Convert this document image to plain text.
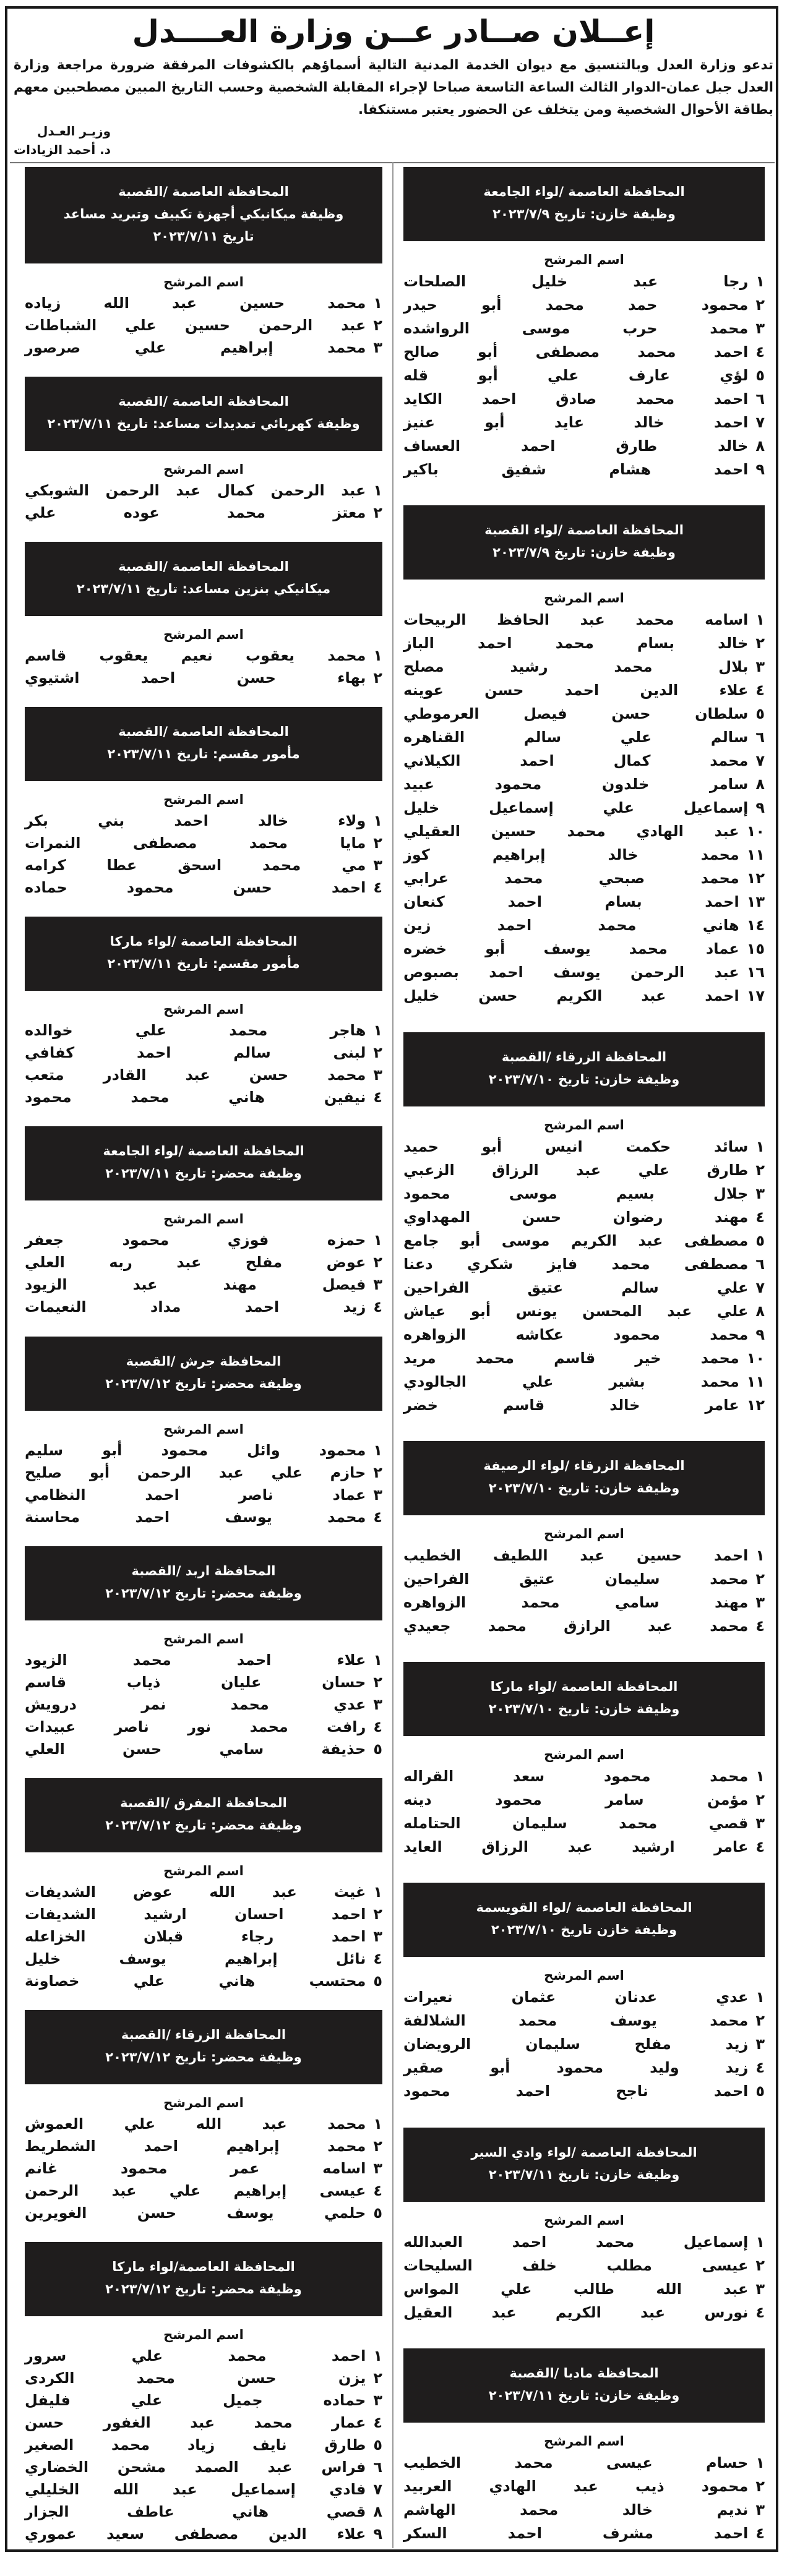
إعــلان صــادر عــن وزارة العــــدل

تدعو وزارة العدل وبالتنسيق مع ديوان الخدمة المدنية التالية أسماؤهم بالكشوفات المرفقة ضرورة مراجعة وزارة العدل جبل عمان-الدوار الثالث الساعة التاسعة صباحا لإجراء المقابلة الشخصية وحسب التاريخ المبين مصطحبين معهم بطاقة الأحوال الشخصية ومن يتخلف عن الحضور يعتبر مستنكفا.

وزيـر العـدل
د. أحمد الزيادات
المحافظة العاصمة /لواء الجامعة
وظيفة خازن: تاريخ ٢٠٢٣/٧/٩
اسم المرشح
١
رجا
عبد
خليل
الصلحات
٢
محمود
حمد
محمد
أبو
حيدر
٣
محمد
حرب
موسى
الرواشده
٤
احمد
محمد
مصطفى
أبو
صالح
٥
لؤي
عارف
علي
أبو
قله
٦
احمد
محمد
صادق
احمد
الكايد
٧
احمد
خالد
عايد
أبو
عنيز
٨
خالد
طارق
احمد
العساف
٩
احمد
هشام
شفيق
باكير
المحافظة العاصمة /لواء القصبة
وظيفة خازن: تاريخ ٢٠٢٣/٧/٩
اسم المرشح
١
اسامه
محمد
عبد
الحافظ
الربيحات
٢
خالد
بسام
محمد
احمد
الباز
٣
بلال
محمد
رشيد
مصلح
٤
علاء
الدين
احمد
حسن
عوينه
٥
سلطان
حسن
فيصل
العرموطي
٦
سالم
علي
سالم
القناهره
٧
محمد
كمال
احمد
الكيلاني
٨
سامر
خلدون
محمود
عبيد
٩
إسماعيل
علي
إسماعيل
خليل
١٠
عبد
الهادي
محمد
حسين
العقيلي
١١
محمد
خالد
إبراهيم
كوز
١٢
محمد
صبحي
محمد
عرابي
١٣
احمد
بسام
احمد
كنعان
١٤
هاني
محمد
احمد
زين
١٥
عماد
محمد
يوسف
أبو
خضره
١٦
عبد
الرحمن
يوسف
احمد
بصبوص
١٧
احمد
عبد
الكريم
حسن
خليل
المحافظة الزرقاء /القصبة
وظيفة خازن: تاريخ ٢٠٢٣/٧/١٠
اسم المرشح
١
سائد
حكمت
انيس
أبو
حميد
٢
طارق
علي
عبد
الرزاق
الزعبي
٣
جلال
بسيم
موسى
محمود
٤
مهند
رضوان
حسن
المهداوي
٥
مصطفى
عبد
الكريم
موسى
أبو
جامع
٦
مصطفى
محمد
فايز
شكري
دعنا
٧
علي
سالم
عتيق
الفراحين
٨
علي
عبد
المحسن
يونس
أبو
عياش
٩
محمد
محمود
عكاشه
الزواهره
١٠
محمد
خير
قاسم
محمد
مريد
١١
محمد
بشير
علي
الجالودي
١٢
عامر
خالد
قاسم
خضر
المحافظة الزرقاء /لواء الرصيفة
وظيفة خازن: تاريخ ٢٠٢٣/٧/١٠
اسم المرشح
١
احمد
حسين
عبد
اللطيف
الخطيب
٢
محمد
سليمان
عتيق
الفراحين
٣
مهند
سامي
محمد
الزواهره
٤
محمد
عبد
الرازق
محمد
جعيدي
المحافظة العاصمة /لواء ماركا
وظيفة خازن: تاريخ ٢٠٢٣/٧/١٠
اسم المرشح
١
محمد
محمود
سعد
القراله
٢
مؤمن
سامر
محمود
دينه
٣
قصي
محمد
سليمان
الحتامله
٤
عامر
ارشيد
عبد
الرزاق
العايد
المحافظة العاصمة /لواء القويسمة
وظيفة خازن تاريخ ٢٠٢٣/٧/١٠
اسم المرشح
١
عدي
عدنان
عثمان
نعيرات
٢
محمد
يوسف
محمد
الشلالفة
٣
زيد
مفلح
سليمان
الرويضان
٤
زيد
وليد
محمود
أبو
صقير
٥
احمد
ناجح
احمد
محمود
المحافظة العاصمة /لواء وادي السير
وظيفة خازن: تاريخ ٢٠٢٣/٧/١١
اسم المرشح
١
إسماعيل
محمد
احمد
العبدالله
٢
عيسى
مطلب
خلف
السليحات
٣
عبد
الله
طالب
علي
المواس
٤
نورس
عبد
الكريم
عبد
العقيل
المحافظة مادبا /القصبة
وظيفة خازن: تاريخ ٢٠٢٣/٧/١١
اسم المرشح
١
حسام
عيسى
محمد
الخطيب
٢
محمود
ذيب
عبد
الهادي
العربيد
٣
نديم
خالد
محمد
الهاشم
٤
احمد
مشرف
احمد
السكر
المحافظة العاصمة /القصبة
وظيفة ميكانيكي أجهزة تكييف وتبريد مساعد
تاريخ ٢٠٢٣/٧/١١
اسم المرشح
١
محمد
حسين
عبد
الله
زياده
٢
عبد
الرحمن
حسين
علي
الشباطات
٣
محمد
إبراهيم
علي
صرصور
المحافظة العاصمة /القصبة
وظيفة كهربائي تمديدات مساعد: تاريخ ٢٠٢٣/٧/١١
اسم المرشح
١
عبد
الرحمن
كمال
عبد
الرحمن
الشوبكي
٢
معتز
محمد
عوده
علي
المحافظة العاصمة /القصبة
ميكانيكي بنزين مساعد: تاريخ ٢٠٢٣/٧/١١
اسم المرشح
١
محمد
يعقوب
نعيم
يعقوب
قاسم
٢
بهاء
حسن
احمد
اشتيوي
المحافظة العاصمة /القصبة
مأمور مقسم: تاريخ ٢٠٢٣/٧/١١
اسم المرشح
١
ولاء
خالد
احمد
بني
بكر
٢
مايا
محمد
مصطفى
النمرات
٣
مي
محمد
اسحق
عطا
كرامه
٤
احمد
حسن
محمود
حماده
المحافظة العاصمة /لواء ماركا
مأمور مقسم: تاريخ ٢٠٢٣/٧/١١
اسم المرشح
١
هاجر
محمد
علي
خوالده
٢
لبنى
سالم
احمد
كفافي
٣
محمد
حسن
عبد
القادر
متعب
٤
نيفين
هاني
محمد
محمود
المحافظة العاصمة /لواء الجامعة
وظيفة محضر: تاريخ ٢٠٢٣/٧/١١
اسم المرشح
١
حمزه
فوزي
محمود
جعفر
٢
عوض
مفلح
عبد
ربه
العلي
٣
فيصل
مهند
عبد
الزيود
٤
زيد
احمد
مداد
النعيمات
المحافظة جرش /القصبة
وظيفة محضر: تاريخ ٢٠٢٣/٧/١٢
اسم المرشح
١
محمود
وائل
محمود
أبو
سليم
٢
حازم
علي
عبد
الرحمن
أبو
صليح
٣
عماد
ناصر
احمد
النظامي
٤
محمد
يوسف
احمد
محاسنة
المحافظة اربد /القصبة
وظيفة محضر: تاريخ ٢٠٢٣/٧/١٢
اسم المرشح
١
علاء
احمد
محمد
الزيود
٢
حسان
عليان
ذياب
قاسم
٣
عدي
محمد
نمر
درويش
٤
رافت
محمد
نور
ناصر
عبيدات
٥
حذيفة
سامي
حسن
العلي
المحافظة المفرق /القصبة
وظيفة محضر: تاريخ ٢٠٢٣/٧/١٢
اسم المرشح
١
غيث
عبد
الله
عوض
الشديفات
٢
احمد
احسان
ارشيد
الشديفات
٣
احمد
رجاء
قبلان
الخزاعله
٤
نائل
إبراهيم
يوسف
خليل
٥
محتسب
هاني
علي
خصاونة
المحافظة الزرقاء /القصبة
وظيفة محضر: تاريخ ٢٠٢٣/٧/١٢
اسم المرشح
١
محمد
عبد
الله
علي
العموش
٢
محمد
إبراهيم
احمد
الشطريط
٣
اسامه
عمر
محمود
غانم
٤
عيسى
إبراهيم
علي
عبد
الرحمن
٥
حلمي
يوسف
حسن
الغويرين
المحافظة العاصمة/لواء ماركا
وظيفة محضر: تاريخ ٢٠٢٣/٧/١٢
اسم المرشح
١
احمد
محمد
علي
سرور
٢
يزن
حسن
محمد
الكردى
٣
حماده
جميل
علي
فليفل
٤
عمار
محمد
عبد
الغفور
حسن
٥
طارق
نايف
زياد
محمد
الصغير
٦
فراس
عبد
الصمد
مشحن
الخضاري
٧
فادي
إسماعيل
عبد
الله
الخليلي
٨
قصي
هاني
عاطف
الجزار
٩
علاء
الدين
مصطفى
سعيد
عموري
